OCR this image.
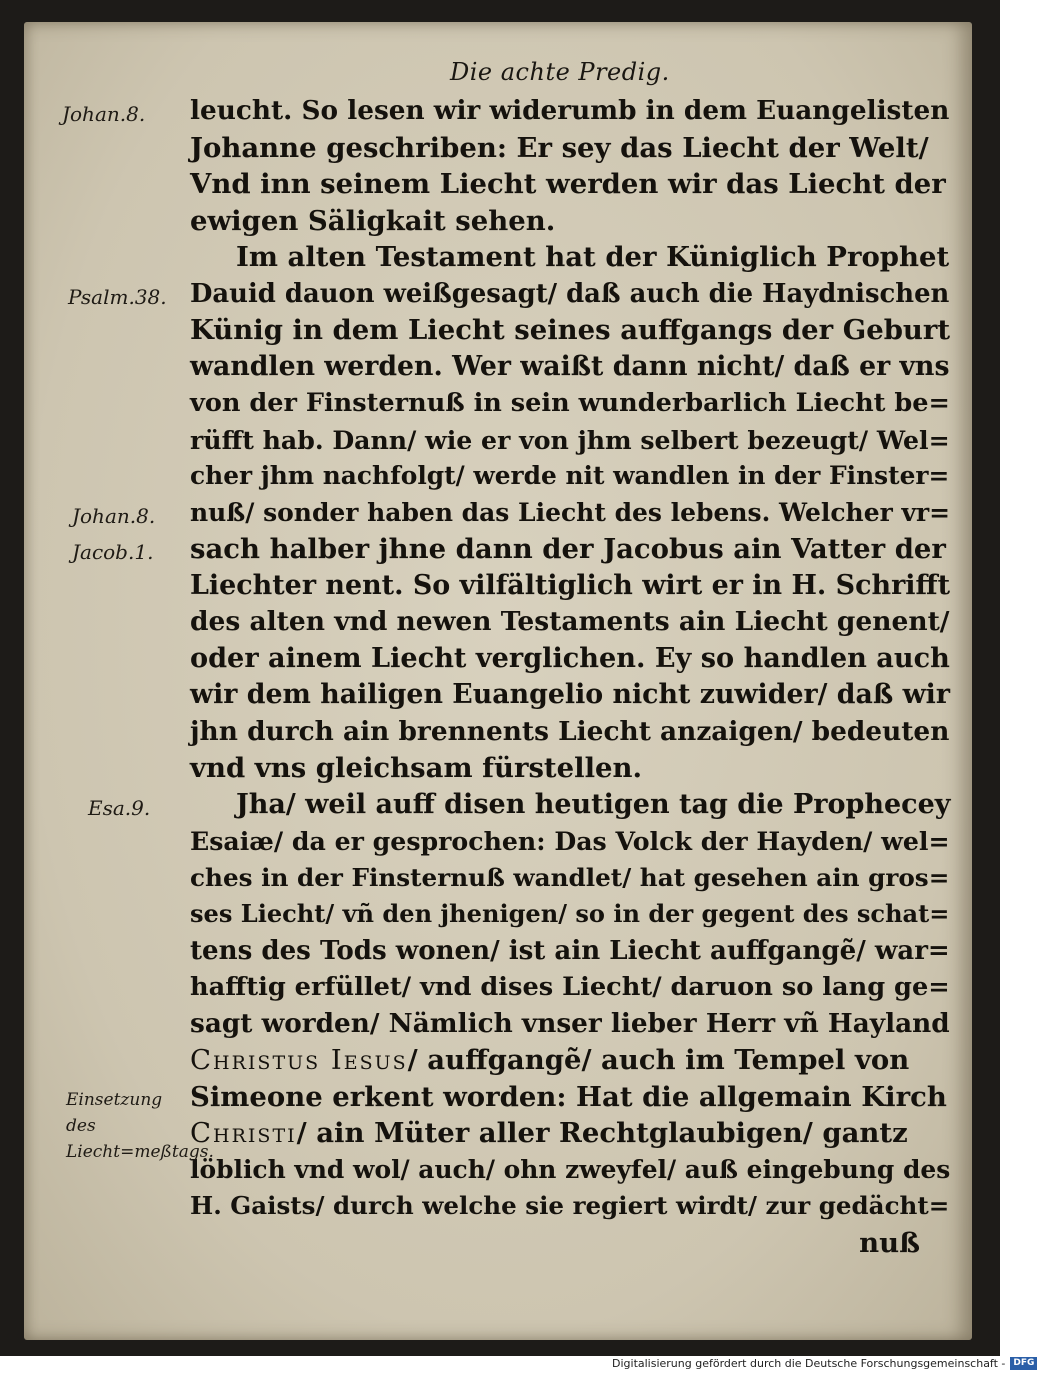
Die achte Predig.
leucht. So lesen wir widerumb in dem Euangelisten
Johanne geschriben: Er sey das Liecht der Welt/
Vnd inn seinem Liecht werden wir das Liecht der
ewigen Säligkait sehen.
Im alten Testament hat der Küniglich Prophet
Dauid dauon weißgesagt/ daß auch die Haydnischen
Künig in dem Liecht seines auffgangs der Geburt
wandlen werden. Wer waißt dann nicht/ daß er vns
von der Finsternuß in sein wunderbarlich Liecht be=
rüfft hab. Dann/ wie er von jhm selbert bezeugt/ Wel=
cher jhm nachfolgt/ werde nit wandlen in der Finster=
nuß/ sonder haben das Liecht des lebens. Welcher vr=
sach halber jhne dann der Jacobus ain Vatter der
Liechter nent. So vilfältiglich wirt er in H. Schrifft
des alten vnd newen Testaments ain Liecht genent/
oder ainem Liecht verglichen. Ey so handlen auch
wir dem hailigen Euangelio nicht zuwider/ daß wir
jhn durch ain brennents Liecht anzaigen/ bedeuten
vnd vns gleichsam fürstellen.
Jha/ weil auff disen heutigen tag die Prophecey
Esaiæ/ da er gesprochen: Das Volck der Hayden/ wel=
ches in der Finsternuß wandlet/ hat gesehen ain gros=
ses Liecht/ vñ den jhenigen/ so in der gegent des schat=
tens des Tods wonen/ ist ain Liecht auffgangẽ/ war=
hafftig erfüllet/ vnd dises Liecht/ daruon so lang ge=
sagt worden/ Nämlich vnser lieber Herr vñ Hayland
Christus Iesus/ auffgangẽ/ auch im Tempel von
Simeone erkent worden: Hat die allgemain Kirch
Christi/ ain Müter aller Rechtglaubigen/ gantz
löblich vnd wol/ auch/ ohn zweyfel/ auß eingebung des
H. Gaists/ durch welche sie regiert wirdt/ zur gedächt=
nuß
Johan.8.
Psalm.38.
Johan.8.
Jacob.1.
Esa.9.
Einsetzung des Liecht=meßtags.
Digitalisierung gefördert durch die Deutsche Forschungsgemeinschaft - DFG
